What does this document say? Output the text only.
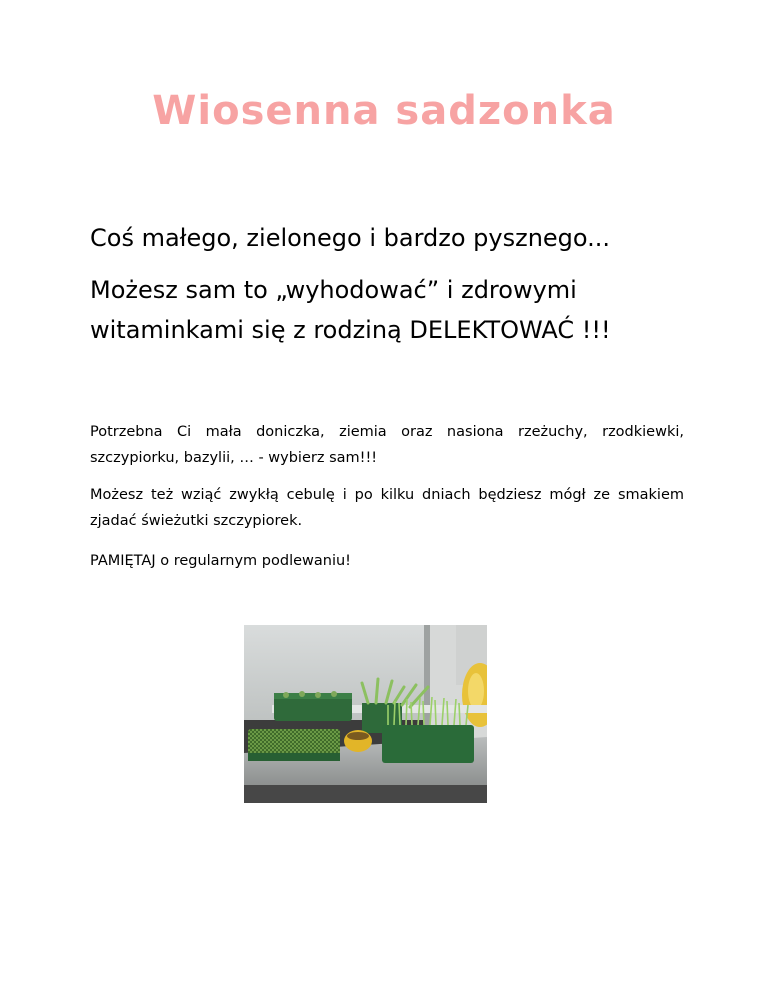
Wiosenna sadzonka

Coś małego, zielonego i bardzo pysznego...

Możesz sam to „wyhodować” i zdrowymi witaminkami się z rodziną DELEKTOWAĆ !!!

Potrzebna Ci mała doniczka, ziemia oraz nasiona rzeżuchy, rzodkiewki, szczypiorku, bazylii, … - wybierz sam!!!

Możesz też wziąć zwykłą cebulę i po kilku dniach będziesz mógł ze smakiem zjadać świeżutki szczypiorek.

PAMIĘTAJ o regularnym podlewaniu!
